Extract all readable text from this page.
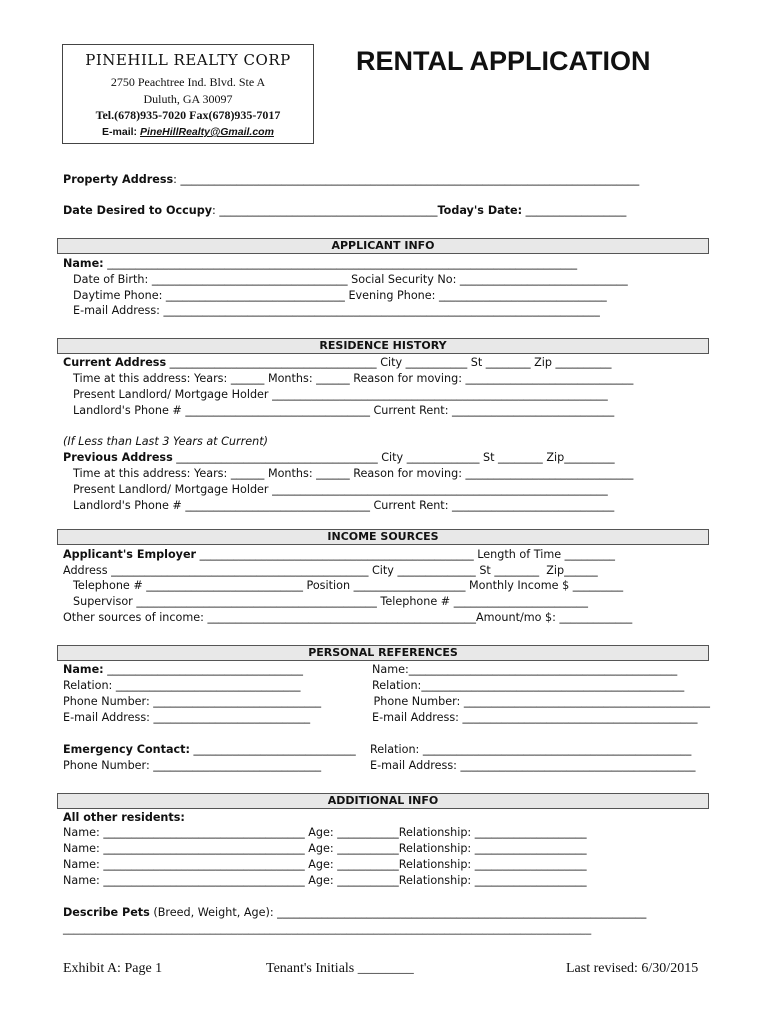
PINEHILL REALTY CORP
2750 Peachtree Ind. Blvd. Ste A
Duluth, GA 30097
Tel.(678)935-7020 Fax(678)935-7017
E-mail: PineHillRealty@Gmail.com
RENTAL APPLICATION
Property Address: __________________________________________________________________________________
Date Desired to Occupy: _______________________________________Today's Date: __________________
APPLICANT INFO
Name: ____________________________________________________________________________________
Date of Birth: ___________________________________ Social Security No: ______________________________
Daytime Phone: ________________________________ Evening Phone: ______________________________
E-mail Address: ______________________________________________________________________________
RESIDENCE HISTORY
Current Address _____________________________________ City ___________ St ________ Zip __________
Time at this address: Years: ______ Months: ______ Reason for moving: ______________________________
Present Landlord/ Mortgage Holder ____________________________________________________________
Landlord's Phone # _________________________________ Current Rent: _____________________________
(If Less than Last 3 Years at Current)
Previous Address ____________________________________ City _____________ St ________ Zip_________
Time at this address: Years: ______ Months: ______ Reason for moving: ______________________________
Present Landlord/ Mortgage Holder ____________________________________________________________
Landlord's Phone # _________________________________ Current Rent: _____________________________
INCOME SOURCES
Applicant's Employer _________________________________________________ Length of Time _________
Address ______________________________________________ City ______________ St ________  Zip______
Telephone # ____________________________ Position ____________________ Monthly Income $ _________
Supervisor ___________________________________________ Telephone # ________________________
Other sources of income: ________________________________________________Amount/mo $: _____________
PERSONAL REFERENCES
Name: ___________________________________	Name:________________________________________________
Relation: _________________________________	Relation:_______________________________________________
Phone Number: ______________________________	Phone Number: ____________________________________________
E-mail Address: ____________________________	E-mail Address: __________________________________________
Emergency Contact: _____________________________ Relation: ________________________________________________
Phone Number: ______________________________	E-mail Address: __________________________________________
ADDITIONAL INFO
All other residents:
Name: ____________________________________ Age: ___________Relationship: ____________________
Name: ____________________________________ Age: ___________Relationship: ____________________
Name: ____________________________________ Age: ___________Relationship: ____________________
Name: ____________________________________ Age: ___________Relationship: ____________________
Describe Pets (Breed, Weight, Age): __________________________________________________________________
_________________________________________________________________________________________________
Exhibit A: Page 1	Tenant's Initials ________	Last revised: 6/30/2015
